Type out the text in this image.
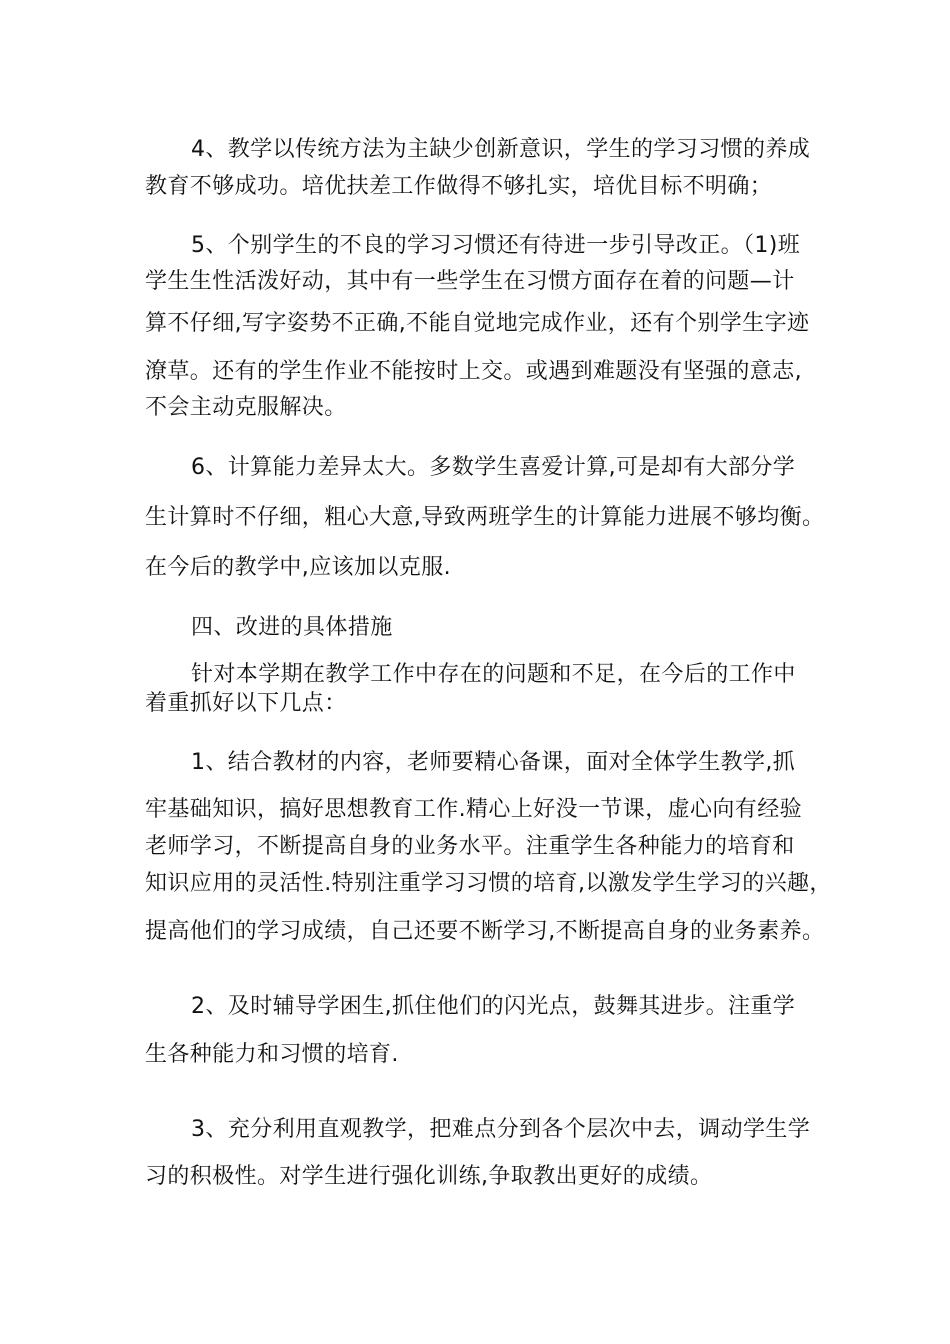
4、教学以传统方法为主缺少创新意识，学生的学习习惯的养成
教育不够成功。培优扶差工作做得不够扎实，培优目标不明确；
5、个别学生的不良的学习习惯还有待进一步引导改正。（1)班
学生生性活泼好动，其中有一些学生在习惯方面存在着的问题—计
算不仔细,写字姿势不正确,不能自觉地完成作业，还有个别学生字迹
潦草。还有的学生作业不能按时上交。或遇到难题没有坚强的意志,
不会主动克服解决。
6、计算能力差异太大。多数学生喜爱计算,可是却有大部分学
生计算时不仔细，粗心大意,导致两班学生的计算能力进展不够均衡。
在今后的教学中,应该加以克服.
四、改进的具体措施
针对本学期在教学工作中存在的问题和不足，在今后的工作中
着重抓好以下几点：
1、结合教材的内容，老师要精心备课，面对全体学生教学,抓
牢基础知识，搞好思想教育工作.精心上好没一节课，虚心向有经验
老师学习，不断提高自身的业务水平。注重学生各种能力的培育和
知识应用的灵活性.特别注重学习习惯的培育,以激发学生学习的兴趣，
提高他们的学习成绩，自己还要不断学习,不断提高自身的业务素养。
2、及时辅导学困生,抓住他们的闪光点，鼓舞其进步。注重学
生各种能力和习惯的培育.
3、充分利用直观教学，把难点分到各个层次中去，调动学生学
习的积极性。对学生进行强化训练,争取教出更好的成绩。
